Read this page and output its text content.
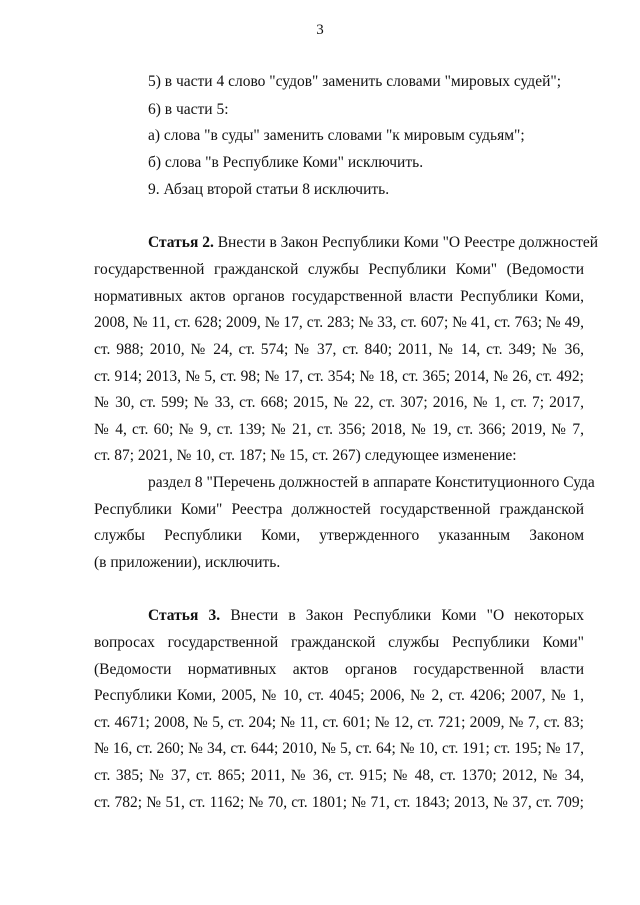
3

5) в части 4 слово "судов" заменить словами "мировых судей";

6) в части 5:

а) слова "в суды" заменить словами "к мировым судьям";

б) слова "в Республике Коми" исключить.

9. Абзац второй статьи 8 исключить.

Статья 2. Внести в Закон Республики Коми "О Реестре должностей

государственной гражданской службы Республики Коми" (Ведомости

нормативных актов органов государственной власти Республики Коми,

2008, № 11, ст. 628; 2009, № 17, ст. 283; № 33, ст. 607; № 41, ст. 763; № 49,

ст. 988; 2010, № 24, ст. 574; № 37, ст. 840; 2011, № 14, ст. 349; № 36,

ст. 914; 2013, № 5, ст. 98; № 17, ст. 354; № 18, ст. 365; 2014, № 26, ст. 492;

№ 30, ст. 599; № 33, ст. 668; 2015, № 22, ст. 307; 2016, № 1, ст. 7; 2017,

№ 4, ст. 60; № 9, ст. 139; № 21, ст. 356; 2018, № 19, ст. 366; 2019, № 7,

ст. 87; 2021, № 10, ст. 187; № 15, ст. 267) следующее изменение:

раздел 8 "Перечень должностей в аппарате Конституционного Суда

Республики Коми" Реестра должностей государственной гражданской

службы Республики Коми, утвержденного указанным Законом

(в приложении), исключить.

Статья 3. Внести в Закон Республики Коми "О некоторых

вопросах государственной гражданской службы Республики Коми"

(Ведомости нормативных актов органов государственной власти

Республики Коми, 2005, № 10, ст. 4045; 2006, № 2, ст. 4206; 2007, № 1,

ст. 4671; 2008, № 5, ст. 204; № 11, ст. 601; № 12, ст. 721; 2009, № 7, ст. 83;

№ 16, ст. 260; № 34, ст. 644; 2010, № 5, ст. 64; № 10, ст. 191; ст. 195; № 17,

ст. 385; № 37, ст. 865; 2011, № 36, ст. 915; № 48, ст. 1370; 2012, № 34,

ст. 782; № 51, ст. 1162; № 70, ст. 1801; № 71, ст. 1843; 2013, № 37, ст. 709;
